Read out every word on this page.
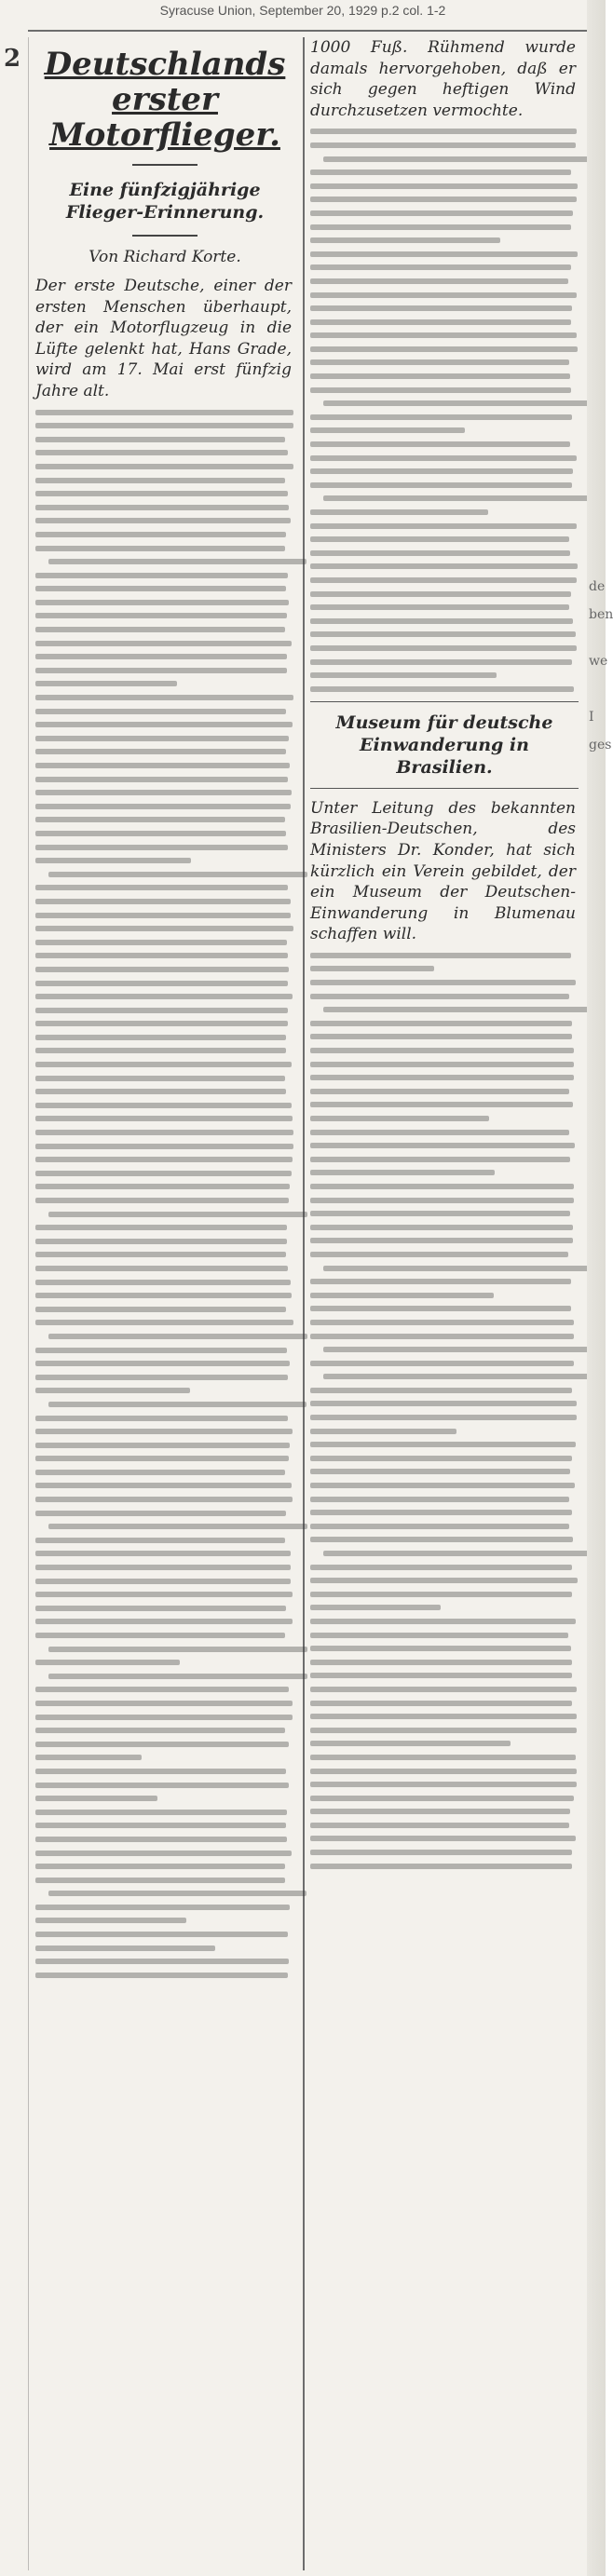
Syracuse Union, September 20, 1929 p.2 col. 1-2
2 Deutschlands erster Motorflieger.
Eine fünfzigjährige Flieger-Erinnerung.
Von Richard Korte.

Der erste Deutsche, einer der ersten Menschen überhaupt, der ein Motorflugzeug in die Lüfte gelenkt hat, Hans Grade, wird am 17. Mai erst fünfzig Jahre alt.

1000 Fuß. Rühmend wurde damals hervorgehoben, daß er sich gegen heftigen Wind durchzusetzen vermochte.

Museum für deutsche Einwanderung in Brasilien.

Unter Leitung des bekannten Brasilien-Deutschen, des Ministers Dr. Konder, hat sich kürzlich ein Verein gebildet, der ein Museum der Deutschen-Einwanderung in Blumenau schaffen will.

de
ben
we
I
ges
